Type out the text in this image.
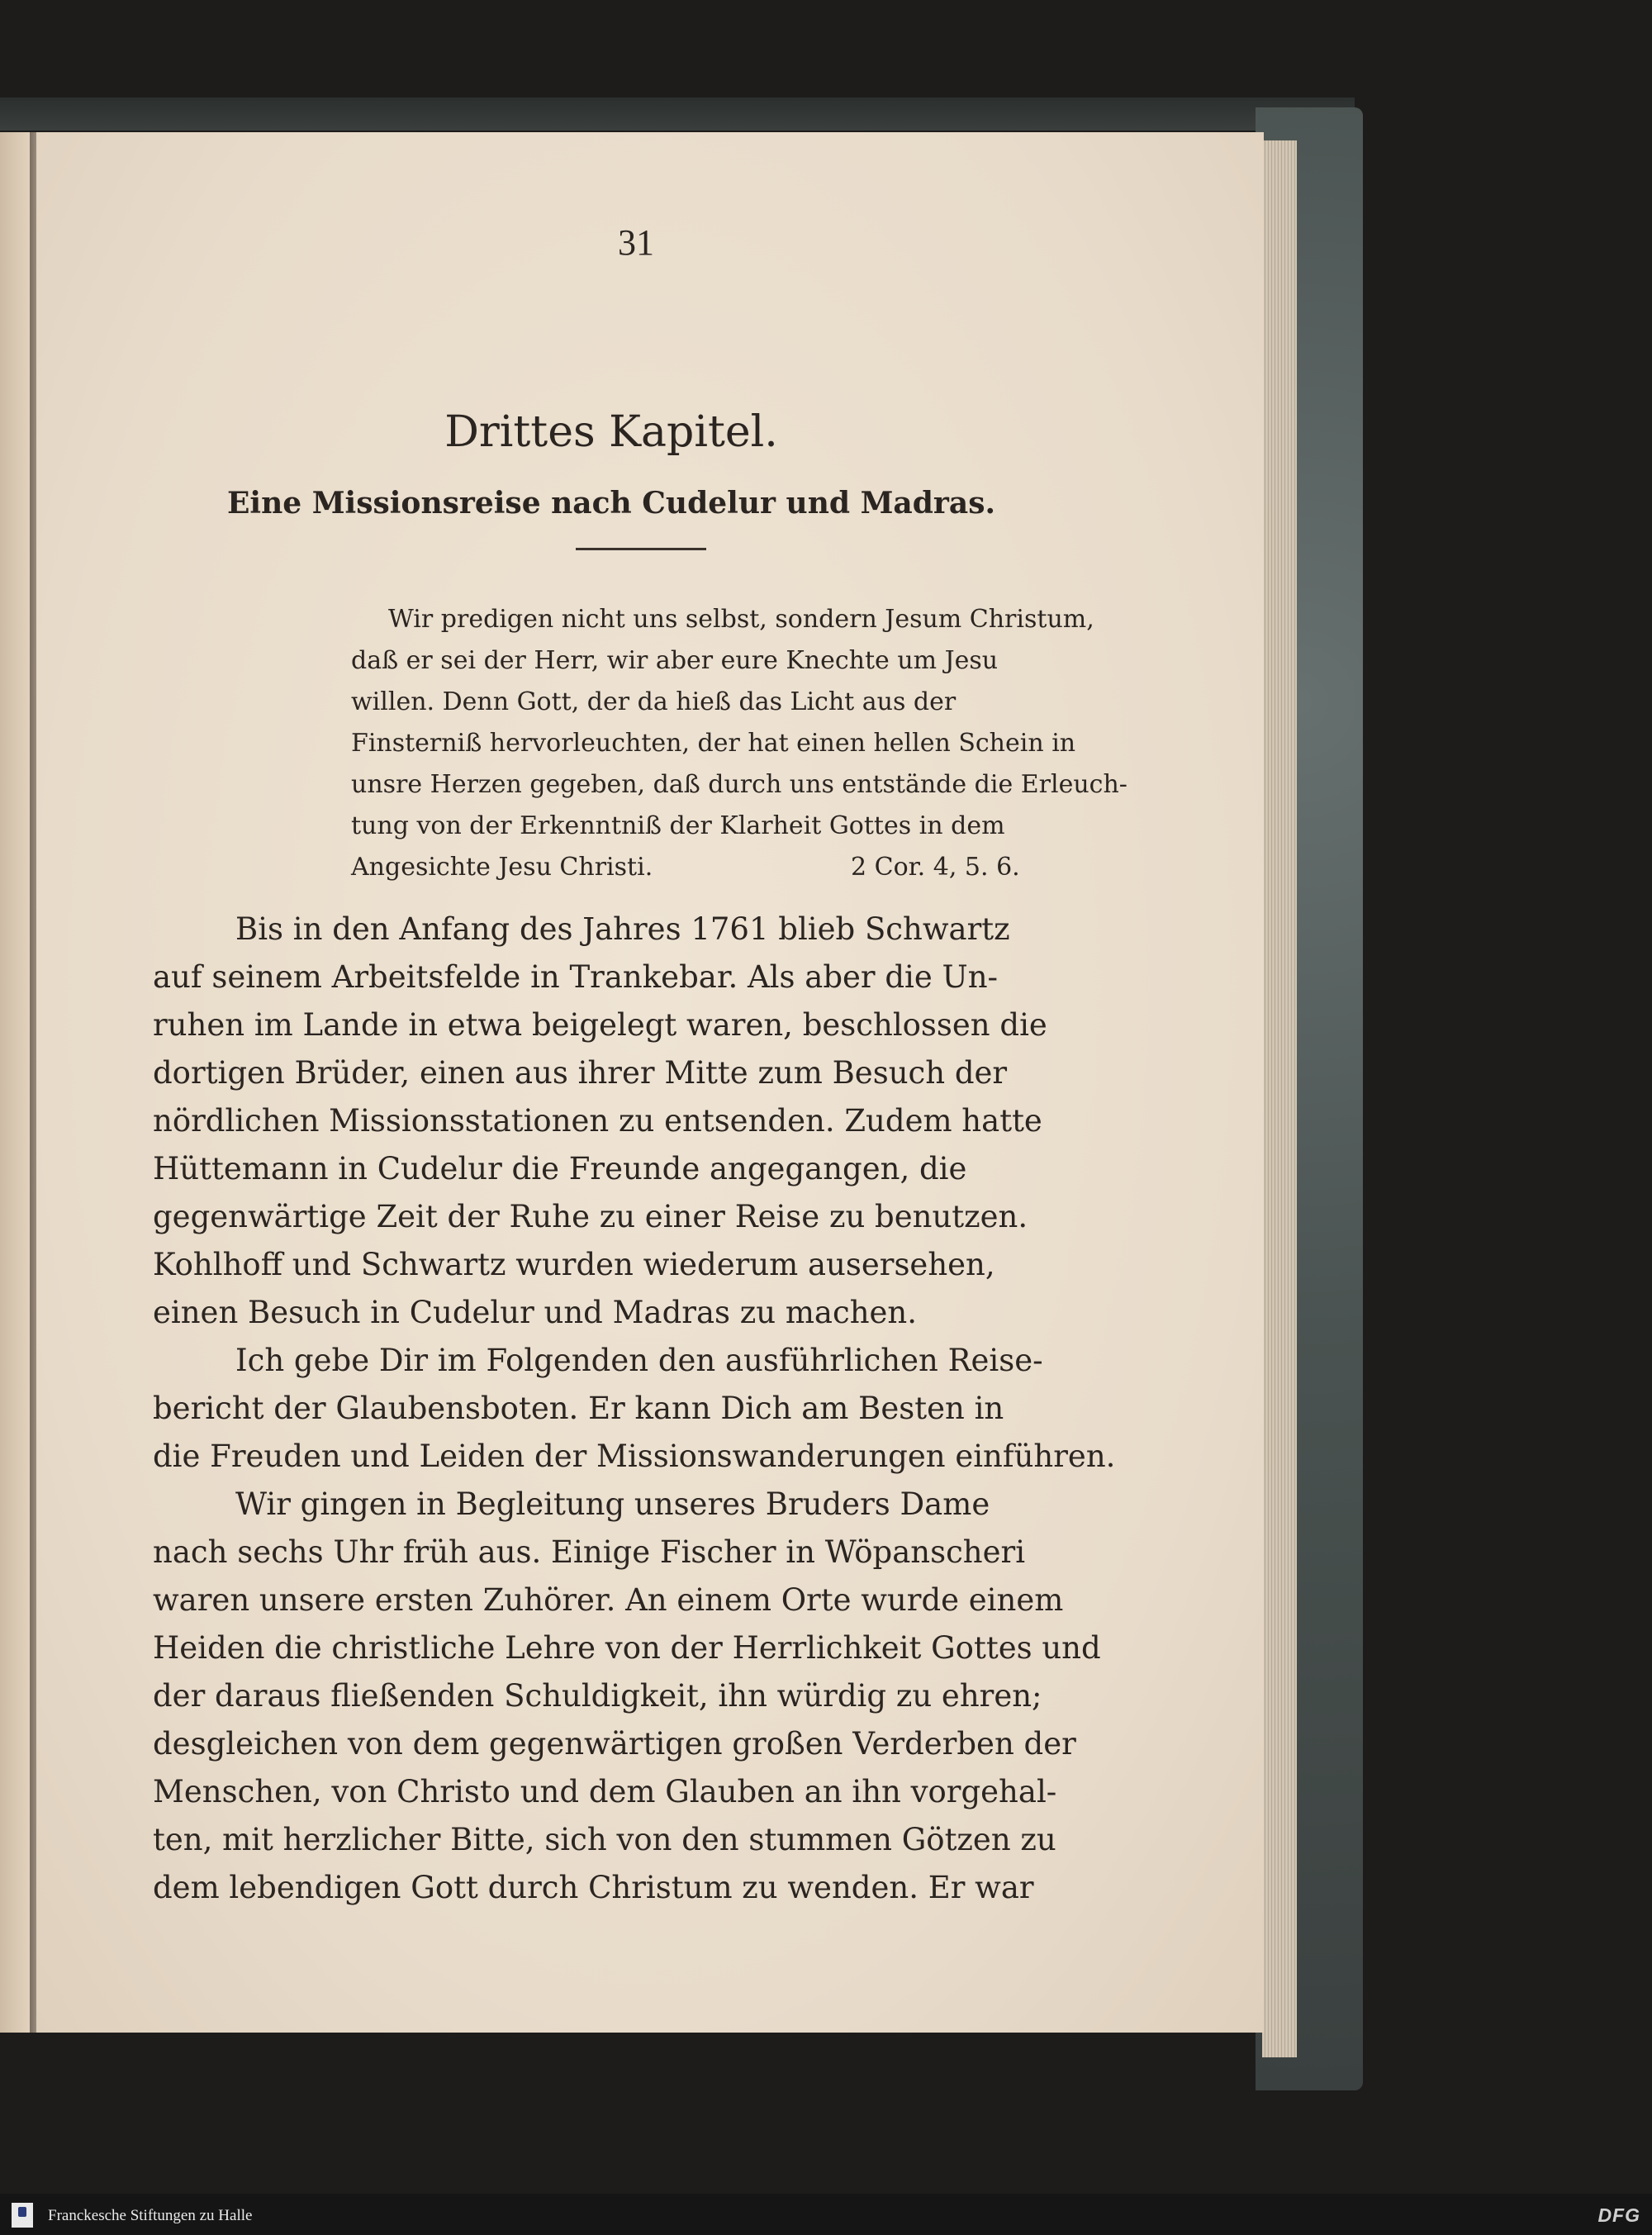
31
Drittes Kapitel.
Eine Missionsreise nach Cudelur und Madras.
Wir predigen nicht uns selbst, sondern Jesum Christum,
daß er sei der Herr, wir aber eure Knechte um Jesu
willen. Denn Gott, der da hieß das Licht aus der
Finsterniß hervorleuchten, der hat einen hellen Schein in
unsre Herzen gegeben, daß durch uns entstände die Erleuch-
tung von der Erkenntniß der Klarheit Gottes in dem
Angesichte Jesu Christi.	2 Cor. 4, 5. 6.
Bis in den Anfang des Jahres 1761 blieb Schwartz
auf seinem Arbeitsfelde in Trankebar. Als aber die Un-
ruhen im Lande in etwa beigelegt waren, beschlossen die
dortigen Brüder, einen aus ihrer Mitte zum Besuch der
nördlichen Missionsstationen zu entsenden. Zudem hatte
Hüttemann in Cudelur die Freunde angegangen, die
gegenwärtige Zeit der Ruhe zu einer Reise zu benutzen.
Kohlhoff und Schwartz wurden wiederum ausersehen,
einen Besuch in Cudelur und Madras zu machen.
Ich gebe Dir im Folgenden den ausführlichen Reise-
bericht der Glaubensboten. Er kann Dich am Besten in
die Freuden und Leiden der Missionswanderungen einführen.
Wir gingen in Begleitung unseres Bruders Dame
nach sechs Uhr früh aus. Einige Fischer in Wöpanscheri
waren unsere ersten Zuhörer. An einem Orte wurde einem
Heiden die christliche Lehre von der Herrlichkeit Gottes und
der daraus fließenden Schuldigkeit, ihn würdig zu ehren;
desgleichen von dem gegenwärtigen großen Verderben der
Menschen, von Christo und dem Glauben an ihn vorgehal-
ten, mit herzlicher Bitte, sich von den stummen Götzen zu
dem lebendigen Gott durch Christum zu wenden. Er war
Franckesche Stiftungen zu Halle	DFG
